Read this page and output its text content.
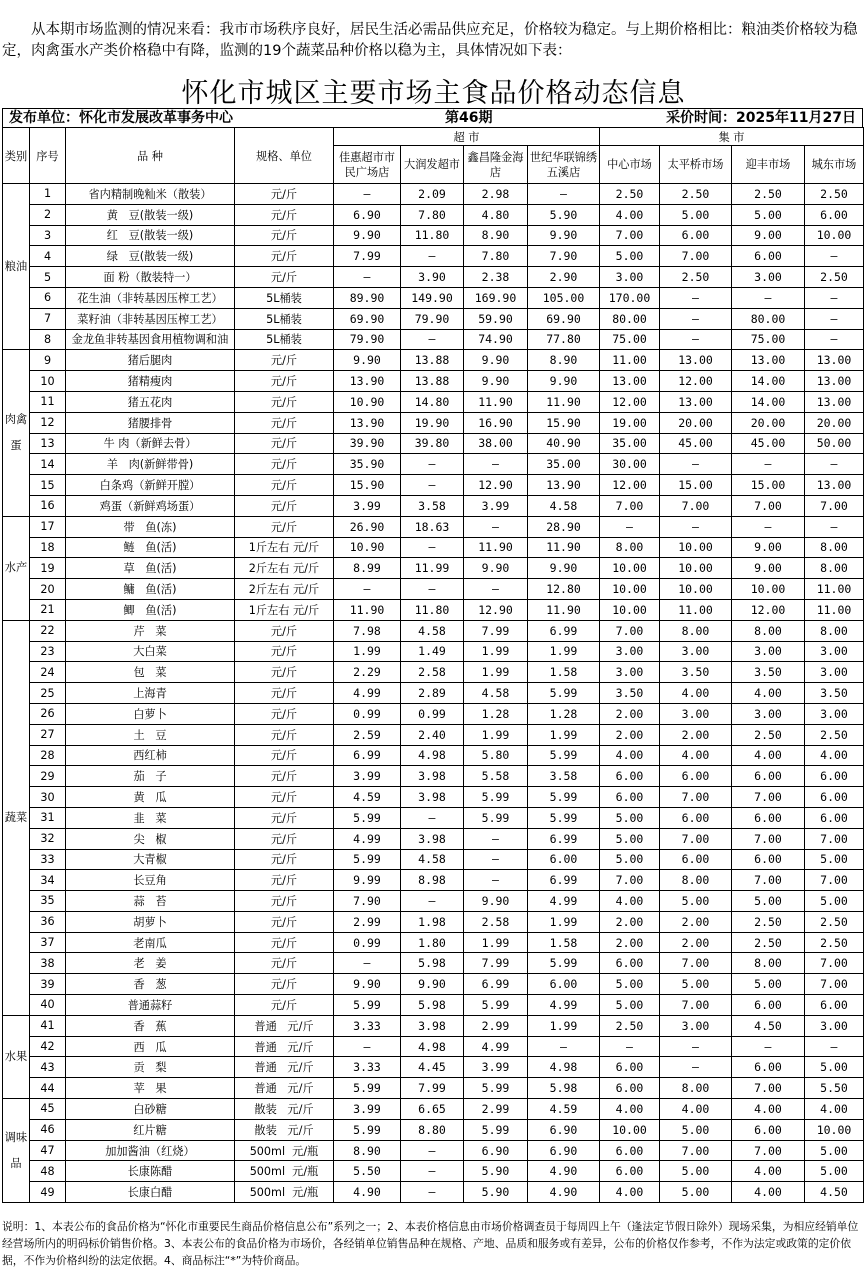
从本期市场监测的情况来看：我市市场秩序良好，居民生活必需品供应充足，价格较为稳定。与上期价格相比：粮油类价格较为稳定，肉禽蛋水产类价格稳中有降，监测的19个蔬菜品种价格以稳为主，具体情况如下表：

怀化市城区主要市场主食品价格动态信息
发布单位：怀化市发展改革事务中心	第46期	采价时间：2025年11月27日
类别	序号	品 种	规格、单位	超 市				集 市			
				佳惠超市市民广场店	大润发超市	鑫昌隆金海店	世纪华联锦绣五溪店	中心市场	太平桥市场	迎丰市场	城东市场
粮油	1	省内精制晚籼米（散装）	元/斤	—	2.09	2.98	—	2.50	2.50	2.50	2.50
	2	黄   豆(散装一级)	元/斤	6.90	7.80	4.80	5.90	4.00	5.00	5.00	6.00
	3	红   豆(散装一级)	元/斤	9.90	11.80	8.90	9.90	7.00	6.00	9.00	10.00
	4	绿   豆(散装一级)	元/斤	7.99	—	7.80	7.90	5.00	7.00	6.00	—
	5	面 粉（散装特一）	元/斤	—	3.90	2.38	2.90	3.00	2.50	3.00	2.50
	6	花生油（非转基因压榨工艺）	5L桶装	89.90	149.90	169.90	105.00	170.00	—	—	—
	7	菜籽油（非转基因压榨工艺）	5L桶装	69.90	79.90	59.90	69.90	80.00	—	80.00	—
	8	金龙鱼非转基因食用植物调和油	5L桶装	79.90	—	74.90	77.80	75.00	—	75.00	—
肉禽蛋	9	猪后腿肉	元/斤	9.90	13.88	9.90	8.90	11.00	13.00	13.00	13.00
	10	猪精瘦肉	元/斤	13.90	13.88	9.90	9.90	13.00	12.00	14.00	13.00
	11	猪五花肉	元/斤	10.90	14.80	11.90	11.90	12.00	13.00	14.00	13.00
	12	猪腰排骨	元/斤	13.90	19.90	16.90	15.90	19.00	20.00	20.00	20.00
	13	牛 肉（新鲜去骨）	元/斤	39.90	39.80	38.00	40.90	35.00	45.00	45.00	50.00
	14	羊   肉(新鲜带骨)	元/斤	35.90	—	—	35.00	30.00	—	—	—
	15	白条鸡（新鲜开膛）	元/斤	15.90	—	12.90	13.90	12.00	15.00	15.00	13.00
	16	鸡蛋（新鲜鸡场蛋）	元/斤	3.99	3.58	3.99	4.58	7.00	7.00	7.00	7.00
水产	17	带   鱼(冻)	元/斤	26.90	18.63	—	28.90	—	—	—	—
	18	鲢   鱼(活)	1斤左右 元/斤	10.90	—	11.90	11.90	8.00	10.00	9.00	8.00
	19	草   鱼(活)	2斤左右 元/斤	8.99	11.99	9.90	9.90	10.00	10.00	9.00	8.00
	20	鳙   鱼(活)	2斤左右 元/斤	—	—	—	12.80	10.00	10.00	10.00	11.00
	21	鲫   鱼(活)	1斤左右 元/斤	11.90	11.80	12.90	11.90	10.00	11.00	12.00	11.00
蔬菜	22	芹   菜	元/斤	7.98	4.58	7.99	6.99	7.00	8.00	8.00	8.00
	23	大白菜	元/斤	1.99	1.49	1.99	1.99	3.00	3.00	3.00	3.00
	24	包   菜	元/斤	2.29	2.58	1.99	1.58	3.00	3.50	3.50	3.00
	25	上海青	元/斤	4.99	2.89	4.58	5.99	3.50	4.00	4.00	3.50
	26	白萝卜	元/斤	0.99	0.99	1.28	1.28	2.00	3.00	3.00	3.00
	27	土   豆	元/斤	2.59	2.40	1.99	1.99	2.00	2.00	2.50	2.50
	28	西红柿	元/斤	6.99	4.98	5.80	5.99	4.00	4.00	4.00	4.00
	29	茄   子	元/斤	3.99	3.98	5.58	3.58	6.00	6.00	6.00	6.00
	30	黄   瓜	元/斤	4.59	3.98	5.99	5.99	6.00	7.00	7.00	6.00
	31	韭   菜	元/斤	5.99	—	5.99	5.99	5.00	6.00	6.00	6.00
	32	尖   椒	元/斤	4.99	3.98	—	6.99	5.00	7.00	7.00	7.00
	33	大青椒	元/斤	5.99	4.58	—	6.00	5.00	6.00	6.00	5.00
	34	长豆角	元/斤	9.99	8.98	—	6.99	7.00	8.00	7.00	7.00
	35	蒜   苔	元/斤	7.90	—	9.90	4.99	4.00	5.00	5.00	5.00
	36	胡萝卜	元/斤	2.99	1.98	2.58	1.99	2.00	2.00	2.50	2.50
	37	老南瓜	元/斤	0.99	1.80	1.99	1.58	2.00	2.00	2.50	2.50
	38	老   姜	元/斤	—	5.98	7.99	5.99	6.00	7.00	8.00	7.00
	39	香   葱	元/斤	9.90	9.90	6.99	6.00	5.00	5.00	5.00	7.00
	40	普通蒜籽	元/斤	5.99	5.98	5.99	4.99	5.00	7.00	6.00	6.00
水果	41	香   蕉	普通   元/斤	3.33	3.98	2.99	1.99	2.50	3.00	4.50	3.00
	42	西   瓜	普通   元/斤	—	4.98	4.99	—	—	—	—	—
	43	贡   梨	普通   元/斤	3.33	4.45	3.99	4.98	6.00	—	6.00	5.00
	44	苹   果	普通   元/斤	5.99	7.99	5.99	5.98	6.00	8.00	7.00	5.50
调味品	45	白砂糖	散装   元/斤	3.99	6.65	2.99	4.59	4.00	4.00	4.00	4.00
	46	红片糖	散装   元/斤	5.99	8.80	5.99	6.90	10.00	5.00	6.00	10.00
	47	加加酱油（红烧）	500ml  元/瓶	8.90	—	6.90	6.90	6.00	7.00	7.00	5.00
	48	长康陈醋	500ml  元/瓶	5.50	—	5.90	4.90	6.00	5.00	4.00	5.00
	49	长康白醋	500ml  元/瓶	4.90	—	5.90	4.90	4.00	5.00	4.00	4.50
说明：1、本表公布的食品价格为“怀化市重要民生商品价格信息公布”系列之一；2、本表价格信息由市场价格调查员于每周四上午（逢法定节假日除外）现场采集，为相应经销单位经营场所内的明码标价销售价格。3、本表公布的食品价格为市场价，各经销单位销售品种在规格、产地、品质和服务或有差异，公布的价格仅作参考，不作为法定或政策的定价依据，不作为价格纠纷的法定依据。4、商品标注“*”为特价商品。
